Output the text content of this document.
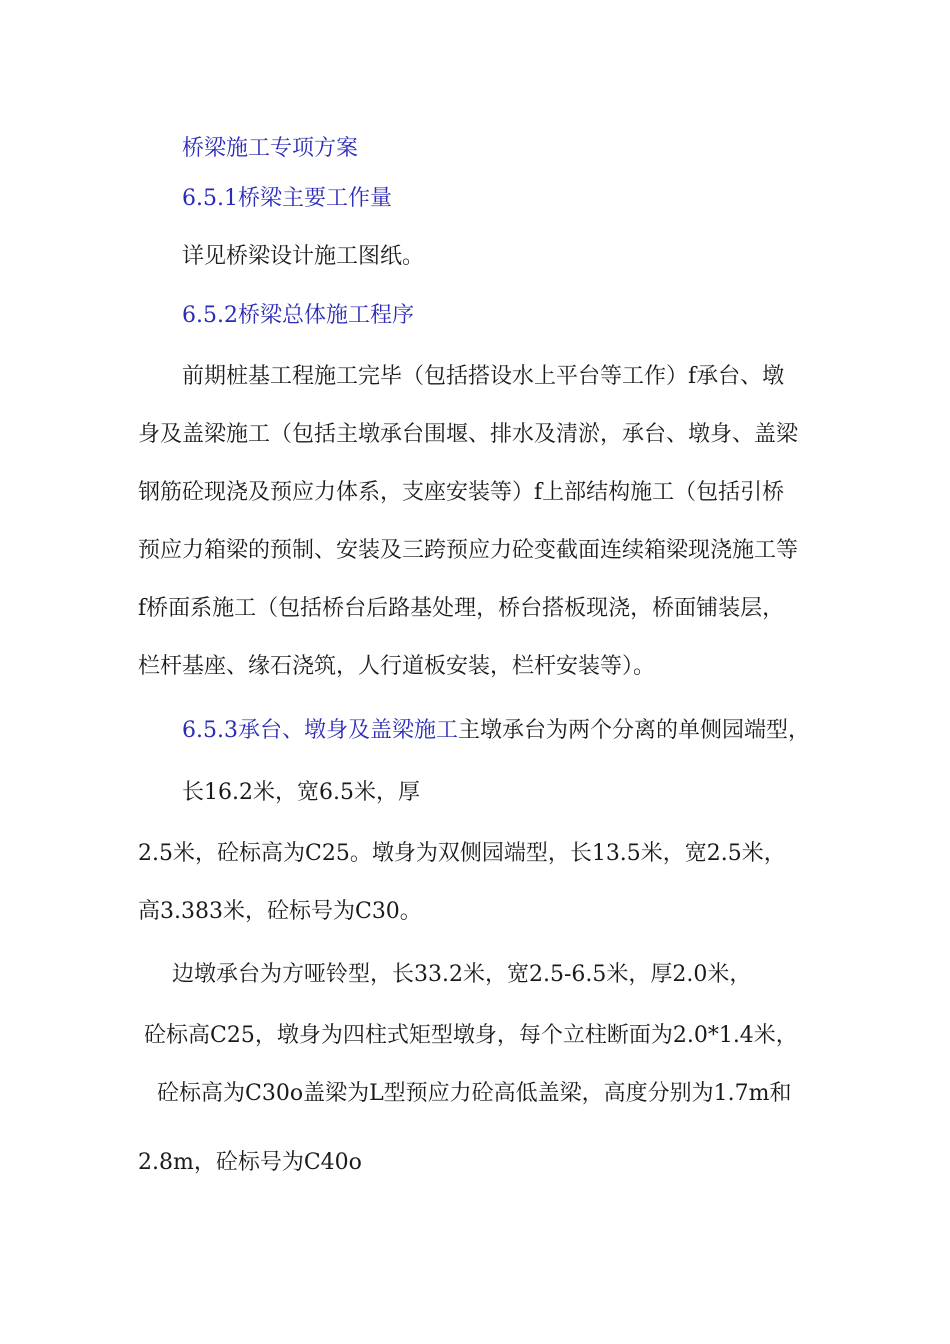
桥梁施工专项方案

6.5.1桥梁主要工作量

详见桥梁设计施工图纸。

6.5.2桥梁总体施工程序

前期桩基工程施工完毕（包括搭设水上平台等工作）f承台、墩

身及盖梁施工（包括主墩承台围堰、排水及清淤，承台、墩身、盖梁

钢筋砼现浇及预应力体系，支座安装等）f上部结构施工（包括引桥

预应力箱梁的预制、安装及三跨预应力砼变截面连续箱梁现浇施工等

f桥面系施工（包括桥台后路基处理，桥台搭板现浇，桥面铺装层，

栏杆基座、缘石浇筑，人行道板安装，栏杆安装等）。

6.5.3承台、墩身及盖梁施工主墩承台为两个分离的单侧园端型，

长16.2米，宽6.5米，厚

2.5米，砼标高为C25。墩身为双侧园端型，长13.5米，宽2.5米，

高3.383米，砼标号为C30。

边墩承台为方哑铃型，长33.2米，宽2.5-6.5米，厚2.0米，

砼标高C25，墩身为四柱式矩型墩身，每个立柱断面为2.0*1.4米，

砼标高为C30o盖梁为L型预应力砼高低盖梁，高度分别为1.7m和

2.8m，砼标号为C40o
